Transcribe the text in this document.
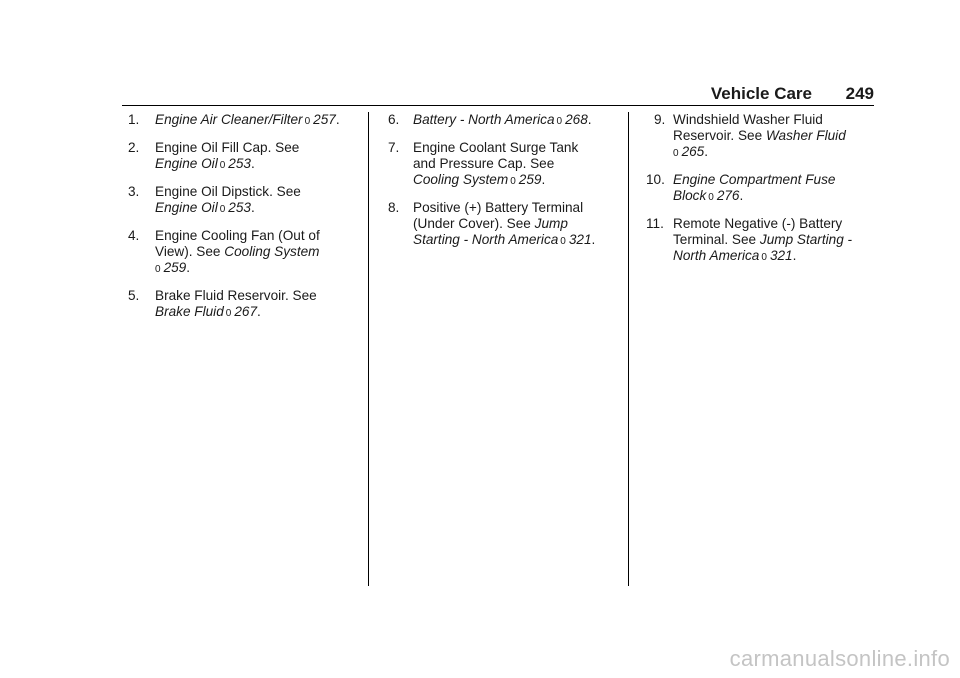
Vehicle Care 249
1. Engine Air Cleaner/Filter 0 257.
2. Engine Oil Fill Cap. See
Engine Oil 0 253.
3. Engine Oil Dipstick. See
Engine Oil 0 253.
4. Engine Cooling Fan (Out of
View). See Cooling System
0 259.
5. Brake Fluid Reservoir. See
Brake Fluid 0 267.
6. Battery - North America 0 268.
7. Engine Coolant Surge Tank
and Pressure Cap. See
Cooling System 0 259.
8. Positive (+) Battery Terminal
(Under Cover). See Jump
Starting - North America 0 321.
9. Windshield Washer Fluid
Reservoir. See Washer Fluid
0 265.
10. Engine Compartment Fuse
Block 0 276.
11. Remote Negative (-) Battery
Terminal. See Jump Starting -
North America 0 321.
carmanualsonline.info
